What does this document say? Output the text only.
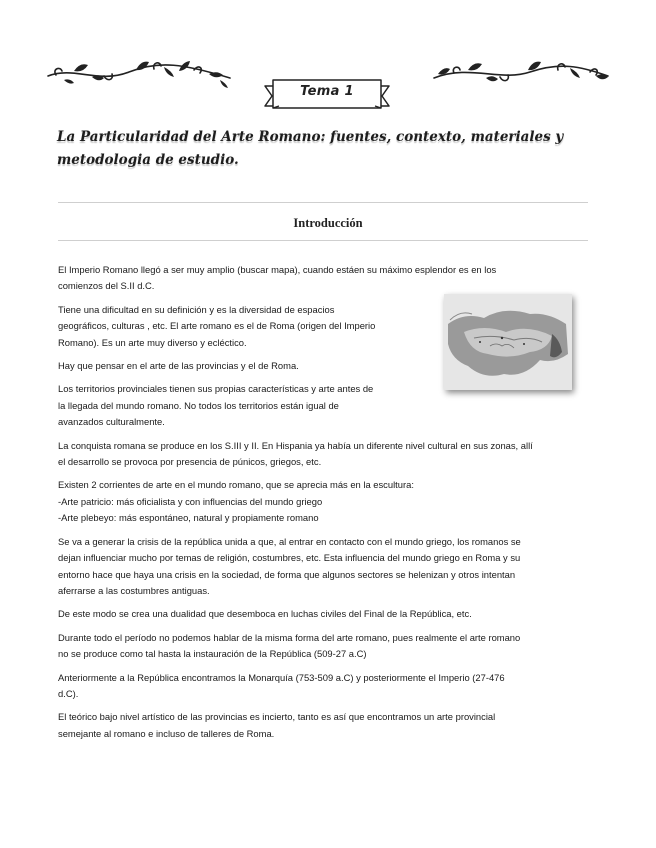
Tema 1
La Particularidad del Arte Romano: fuentes, contexto, materiales y metodologia de estudio.
Introducción

El Imperio Romano llegó a ser muy amplio (buscar mapa), cuando estáen su máximo esplendor es en los
comienzos del S.II d.C.

Tiene una dificultad en su definición y es la diversidad de espacios
geográficos, culturas , etc. El arte romano es el de Roma (origen del Imperio
Romano). Es un arte muy diverso y ecléctico.

Hay que pensar en el arte de las provincias y el de Roma.

Los territorios provinciales tienen sus propias características y arte antes de
la llegada del mundo romano. No todos los territorios están igual de
avanzados culturalmente.

La conquista romana se produce en los S.III y II. En Hispania ya había un diferente nivel cultural en sus zonas, allí
el desarrollo se provoca por presencia de púnicos, griegos, etc.

Existen 2 corrientes de arte en el mundo romano, que se aprecia más en la escultura:
-Arte patricio: más oficialista y con influencias del mundo griego
-Arte plebeyo: más espontáneo, natural y propiamente romano

Se va a generar la crisis de la república unida a que, al entrar en contacto con el mundo griego, los romanos se
dejan influenciar mucho por temas de religión, costumbres, etc. Esta influencia del mundo griego en Roma y su
entorno hace que haya una crisis en la sociedad, de forma que algunos sectores se helenizan y otros intentan
aferrarse a las costumbres antiguas.

De este modo se crea una dualidad que desemboca en luchas civiles del Final de la República, etc.

Durante todo el período no podemos hablar de la misma forma del arte romano, pues realmente el arte romano
no se produce como tal hasta la instauración de la República (509-27 a.C)

Anteriormente a la República encontramos la Monarquía (753-509 a.C) y posteriormente el Imperio (27-476
d.C).

El teórico bajo nivel artístico de las provincias es incierto, tanto es así que encontramos un arte provincial
semejante al romano e incluso de talleres de Roma.
